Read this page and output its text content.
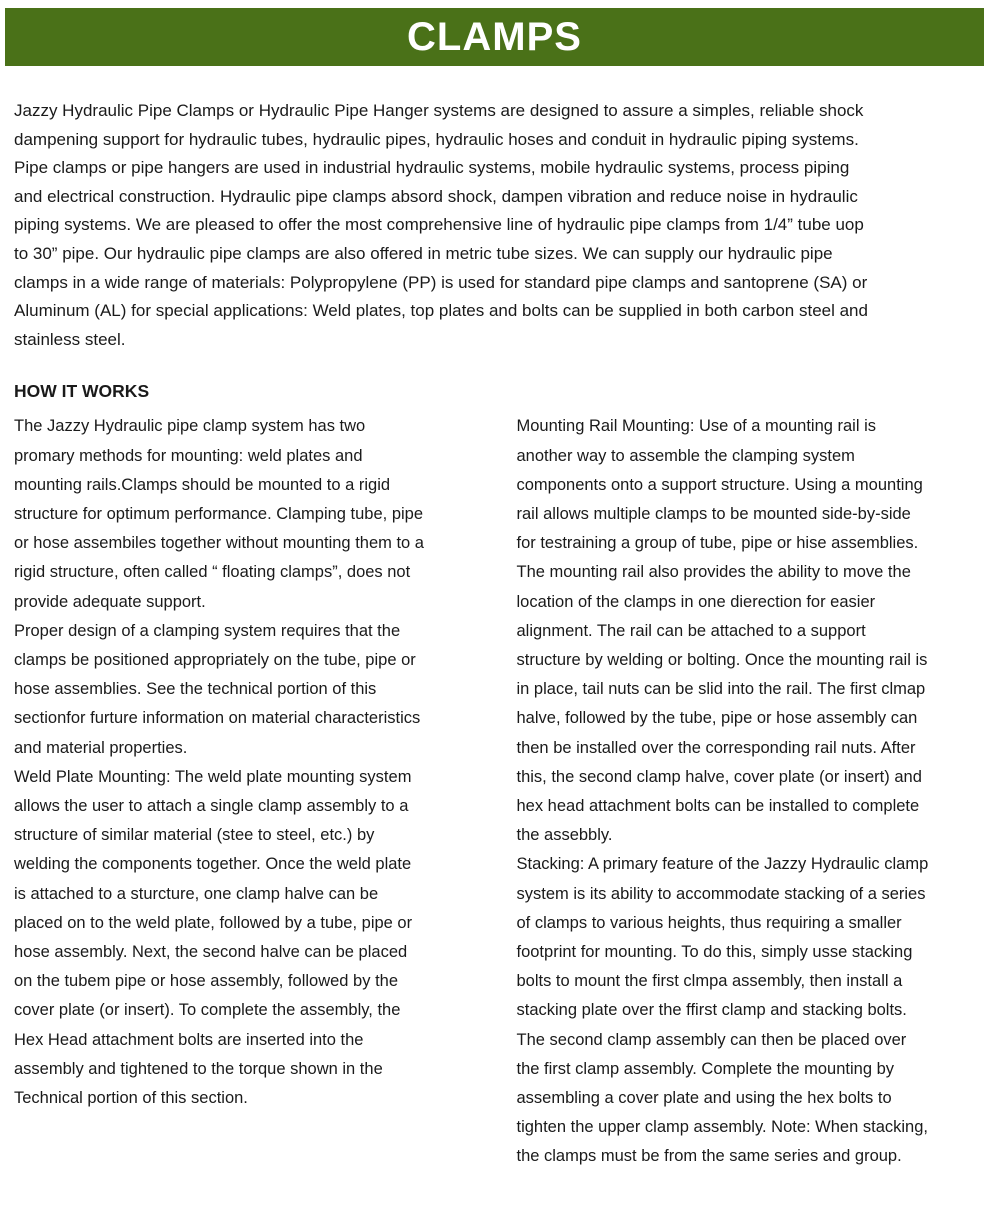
CLAMPS
Jazzy Hydraulic Pipe Clamps or Hydraulic Pipe Hanger systems are designed to assure a simples, reliable shock
dampening support for hydraulic tubes, hydraulic pipes, hydraulic hoses and conduit in hydraulic piping systems.
Pipe clamps or pipe hangers are used in industrial hydraulic systems, mobile hydraulic systems, process piping
and electrical construction. Hydraulic pipe clamps absord shock, dampen vibration and reduce noise in hydraulic
piping systems. We are pleased to offer the most comprehensive line of hydraulic pipe clamps from 1/4” tube uop
to 30” pipe. Our hydraulic pipe clamps are also offered in metric tube sizes. We can supply our hydraulic pipe
clamps in a wide range of materials: Polypropylene (PP) is used for standard pipe clamps and santoprene (SA) or
Aluminum (AL) for special applications: Weld plates, top plates and bolts can be supplied in both carbon steel and
stainless steel.
HOW IT WORKS
The Jazzy Hydraulic pipe clamp system has two
promary methods for mounting: weld plates and
mounting rails.Clamps should be mounted to a rigid
structure for optimum performance. Clamping tube, pipe
or hose assembiles together without mounting them to a
rigid structure, often called “ floating clamps”, does not
provide adequate support.
Proper design of a clamping system requires that the
clamps be positioned appropriately on the tube, pipe or
hose assemblies. See the technical portion of this
sectionfor furture information on material characteristics
and material properties.
Weld Plate Mounting: The weld plate mounting system
allows the user to attach a single clamp assembly to a
structure of similar material (stee to steel, etc.) by
welding the components together. Once the weld plate
is attached to a sturcture, one clamp halve can be
placed on to the weld plate, followed by a tube, pipe or
hose assembly. Next, the second halve can be placed
on the tubem pipe or hose assembly, followed by the
cover plate (or insert). To complete the assembly, the
Hex Head attachment bolts are inserted into the
assembly and tightened to the torque shown in the
Technical portion of this section.
Mounting Rail Mounting: Use of a mounting rail is
another way to assemble the clamping system
components onto a support structure. Using a mounting
rail allows multiple clamps to be mounted side-by-side
for testraining a group of tube, pipe or hise assemblies.
The mounting rail also provides the ability to move the
location of the clamps in one dierection for easier
alignment. The rail can be attached to a support
structure by welding or bolting. Once the mounting rail is
in place, tail nuts can be slid into the rail. The first clmap
halve, followed by the tube, pipe or hose assembly can
then be installed over the corresponding rail nuts. After
this, the second clamp halve, cover plate (or insert) and
hex head attachment bolts can be installed to complete
the assebbly.
Stacking: A primary feature of the Jazzy Hydraulic clamp
system is its ability to accommodate stacking of a series
of clamps to various heights, thus requiring a smaller
footprint for mounting. To do this, simply usse stacking
bolts to mount the first clmpa assembly, then install a
stacking plate over the ffirst clamp and stacking bolts.
The second clamp assembly can then be placed over
the first clamp assembly. Complete the mounting by
assembling a cover plate and using the hex bolts to
tighten the upper clamp assembly. Note: When stacking,
the clamps must be from the same series and group.
